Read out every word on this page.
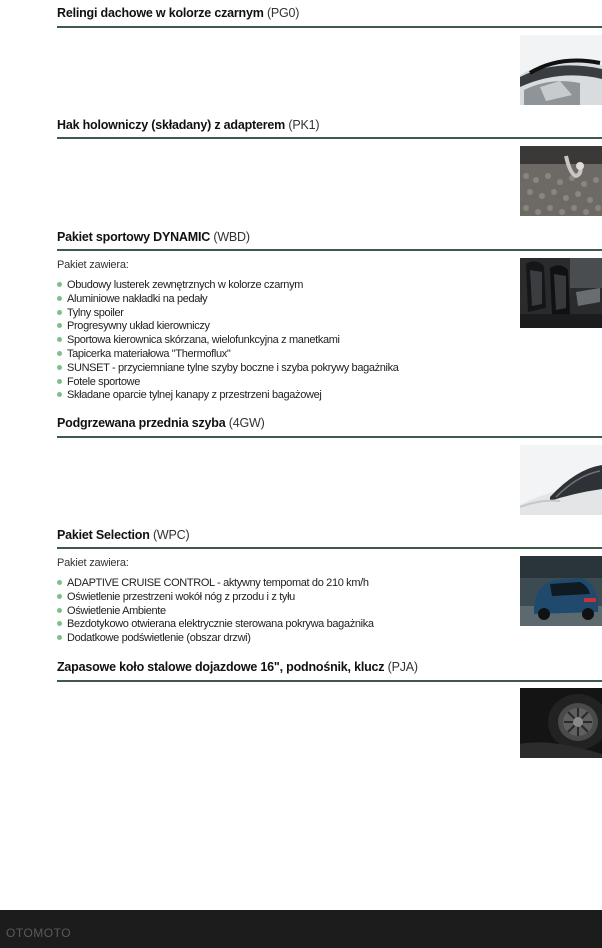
Relingi dachowe w kolorze czarnym (PG0)
Hak holowniczy (składany) z adapterem (PK1)
Pakiet sportowy DYNAMIC (WBD)
Pakiet zawiera:
Obudowy lusterek zewnętrznych w kolorze czarnym
Aluminiowe nakładki na pedały
Tylny spoiler
Progresywny układ kierowniczy
Sportowa kierownica skórzana, wielofunkcyjna z manetkami
Tapicerka materiałowa "Thermoflux"
SUNSET - przyciemniane tylne szyby boczne i szyba pokrywy bagażnika
Fotele sportowe
Składane oparcie tylnej kanapy z przestrzeni bagażowej
Podgrzewana przednia szyba (4GW)
Pakiet Selection (WPC)
Pakiet zawiera:
ADAPTIVE CRUISE CONTROL - aktywny tempomat do 210 km/h
Oświetlenie przestrzeni wokół nóg z przodu i z tyłu
Oświetlenie Ambiente
Bezdotykowo otwierana elektrycznie sterowana pokrywa bagażnika
Dodatkowe podświetlenie (obszar drzwi)
Zapasowe koło stalowe dojazdowe 16", podnośnik, klucz (PJA)
OTOMOTO
